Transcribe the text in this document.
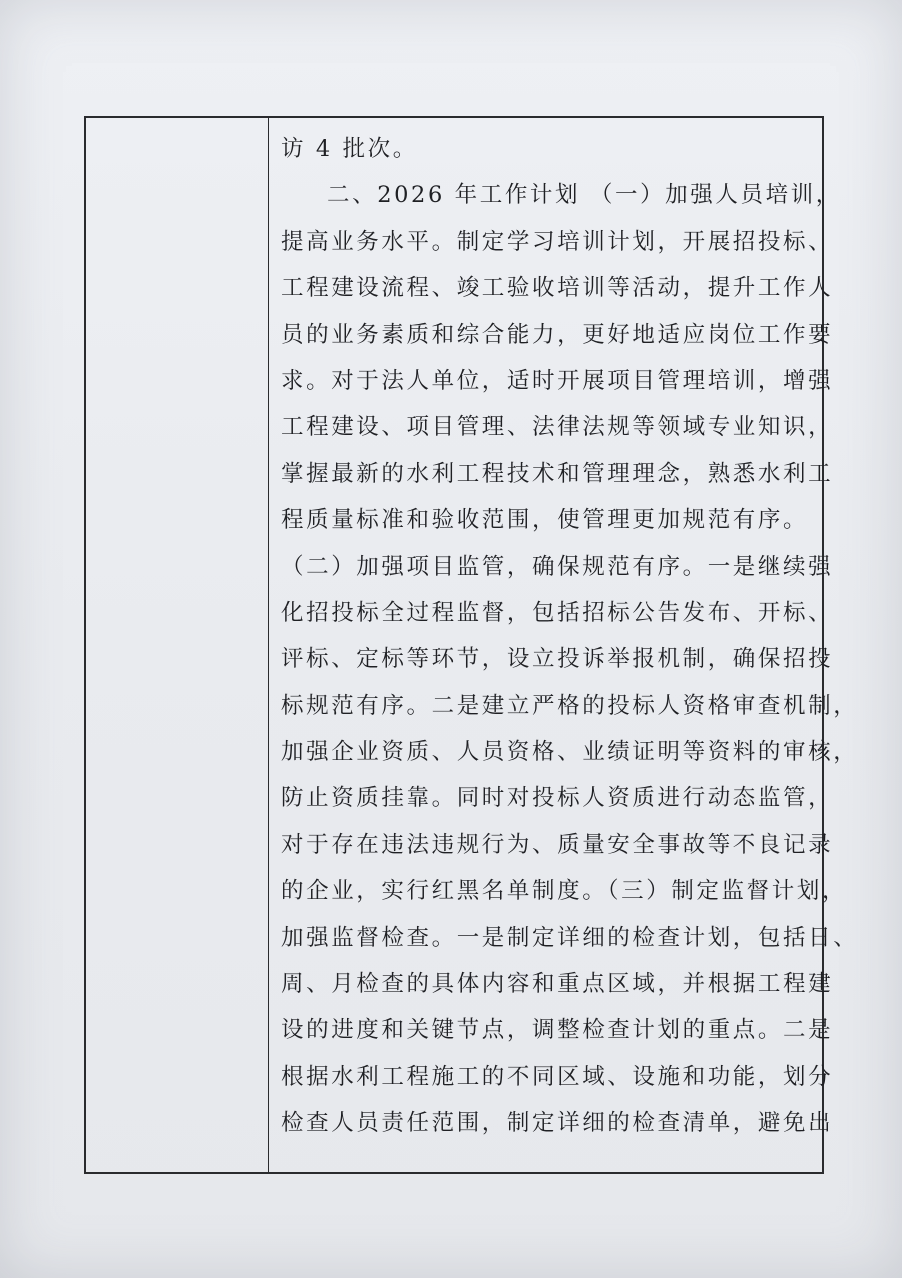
访 4 批次。
二、2026 年工作计划 （一）加强人员培训，
提高业务水平。制定学习培训计划，开展招投标、
工程建设流程、竣工验收培训等活动，提升工作人
员的业务素质和综合能力，更好地适应岗位工作要
求。对于法人单位，适时开展项目管理培训，增强
工程建设、项目管理、法律法规等领域专业知识，
掌握最新的水利工程技术和管理理念，熟悉水利工
程质量标准和验收范围，使管理更加规范有序。
（二）加强项目监管，确保规范有序。一是继续强
化招投标全过程监督，包括招标公告发布、开标、
评标、定标等环节，设立投诉举报机制，确保招投
标规范有序。二是建立严格的投标人资格审查机制，
加强企业资质、人员资格、业绩证明等资料的审核，
防止资质挂靠。同时对投标人资质进行动态监管，
对于存在违法违规行为、质量安全事故等不良记录
的企业，实行红黑名单制度。（三）制定监督计划，
加强监督检查。一是制定详细的检查计划，包括日、
周、月检查的具体内容和重点区域，并根据工程建
设的进度和关键节点，调整检查计划的重点。二是
根据水利工程施工的不同区域、设施和功能，划分
检查人员责任范围，制定详细的检查清单，避免出
